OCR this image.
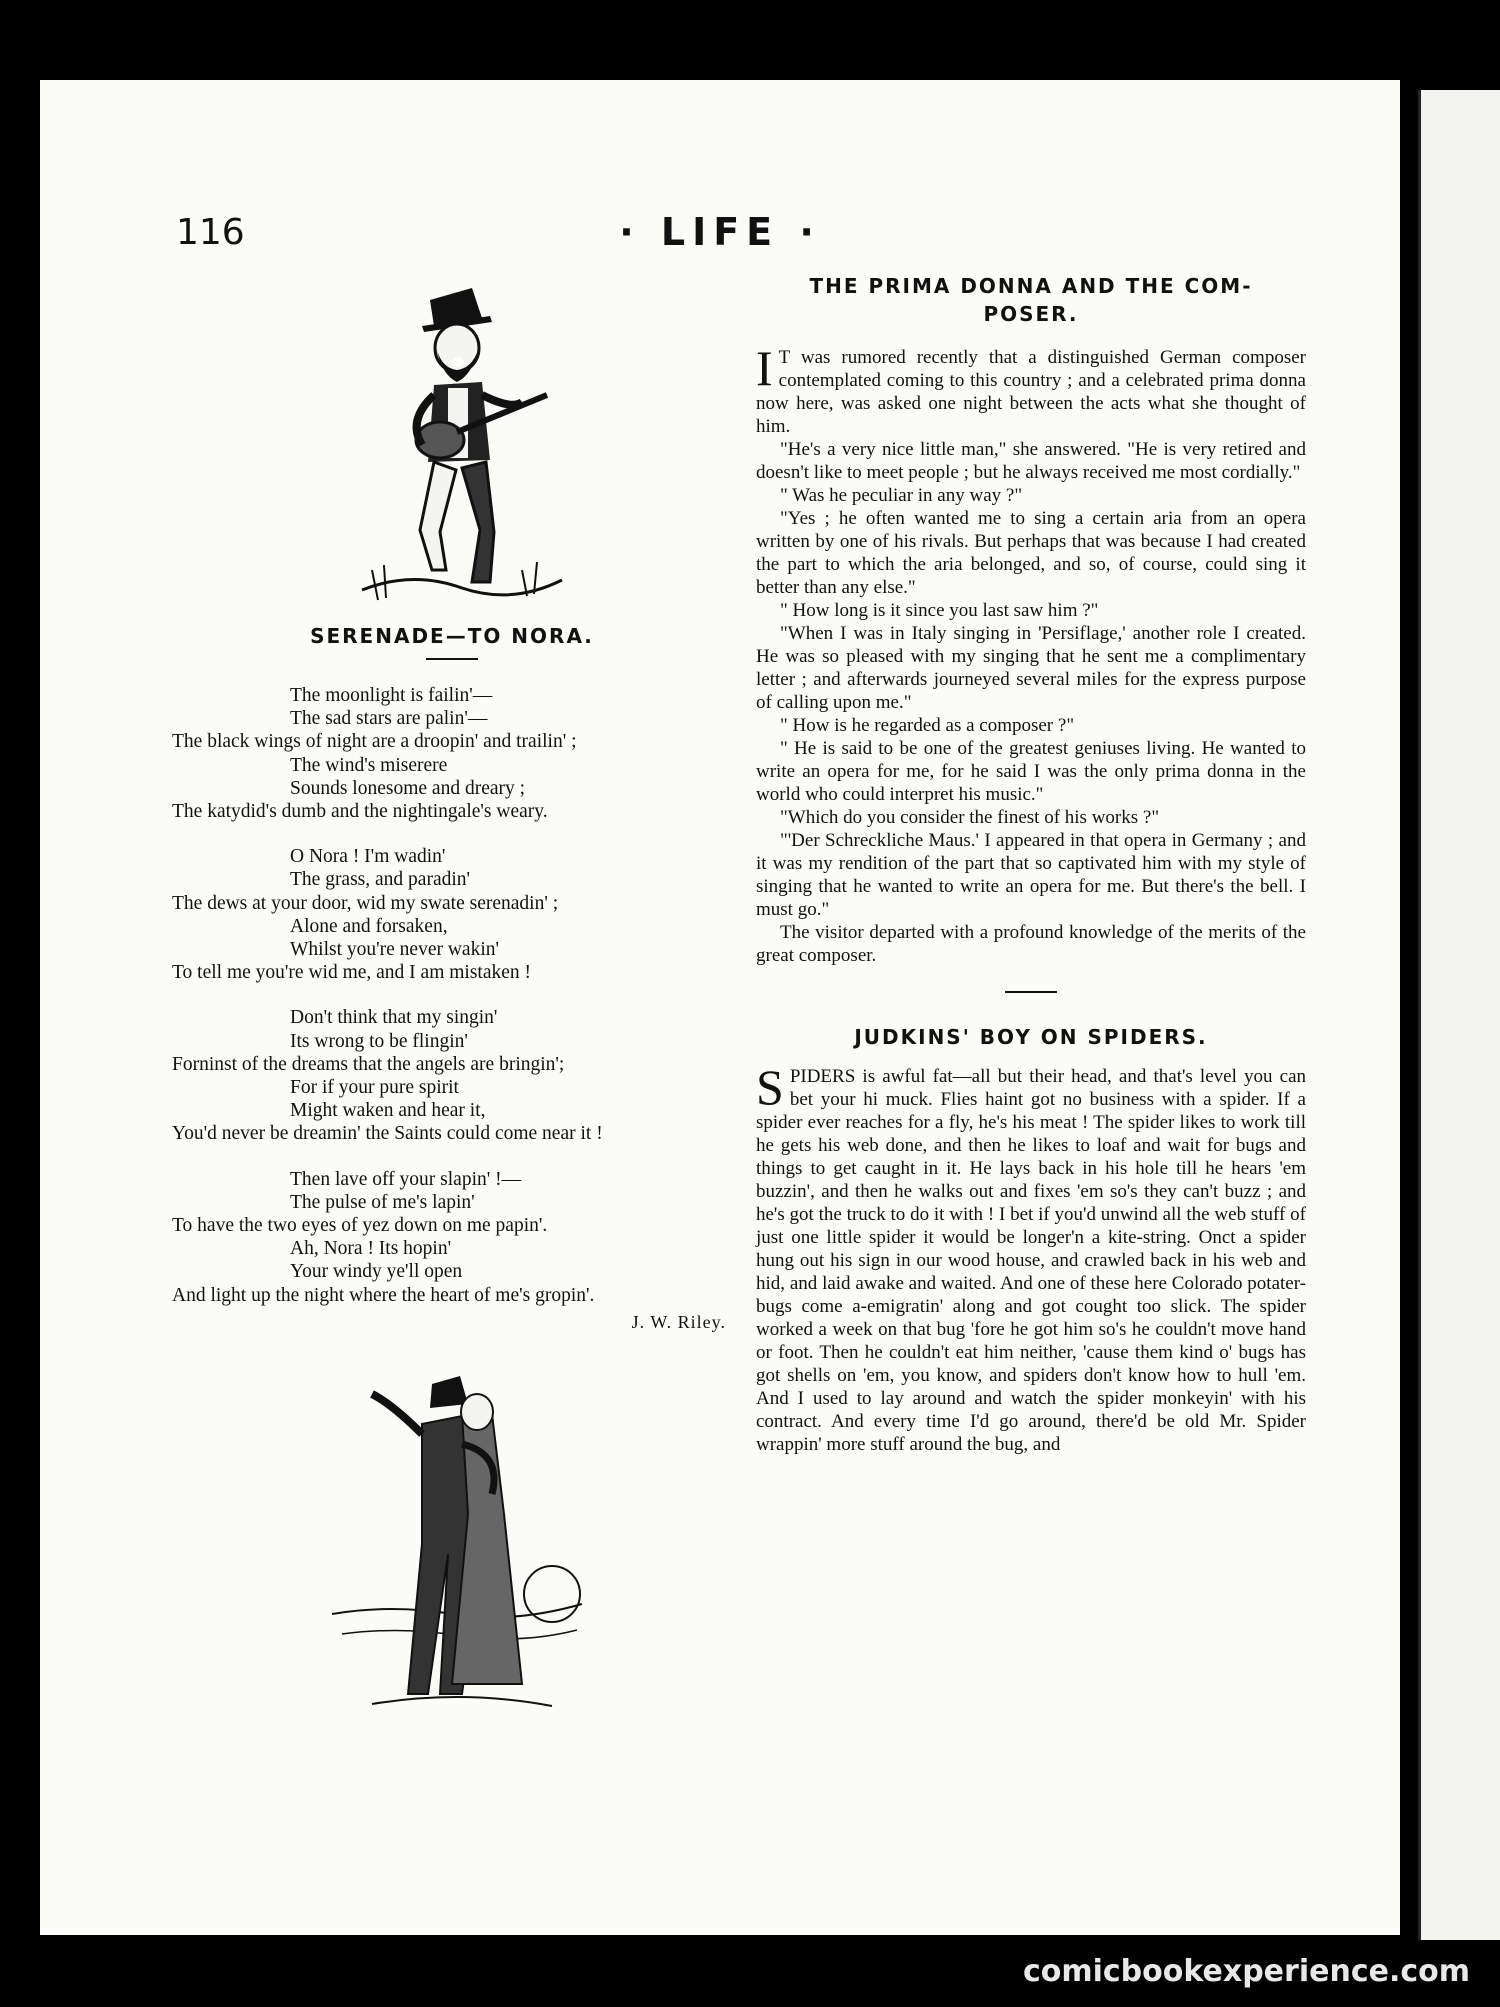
116	· LIFE ·
SERENADE—TO NORA.
The moonlight is failin'—
The sad stars are palin'—
The black wings of night are a droopin' and trailin' ;
The wind's miserere
Sounds lonesome and dreary ;
The katydid's dumb and the nightingale's weary.
O Nora ! I'm wadin'
The grass, and paradin'
The dews at your door, wid my swate serenadin' ;
Alone and forsaken,
Whilst you're never wakin'
To tell me you're wid me, and I am mistaken !
Don't think that my singin'
Its wrong to be flingin'
Forninst of the dreams that the angels are bringin';
For if your pure spirit
Might waken and hear it,
You'd never be dreamin' the Saints could come near it !
Then lave off your slapin' !—
The pulse of me's lapin'
To have the two eyes of yez down on me papin'.
Ah, Nora ! Its hopin'
Your windy ye'll open
And light up the night where the heart of me's gropin'.
J. W. Riley.
THE PRIMA DONNA AND THE COM-
POSER.

I T was rumored recently that a distinguished German composer contemplated coming to this country ; and a celebrated prima donna now here, was asked one night between the acts what she thought of him.

"He's a very nice little man," she answered. "He is very retired and doesn't like to meet people ; but he always received me most cordially."

" Was he peculiar in any way ?"

"Yes ; he often wanted me to sing a certain aria from an opera written by one of his rivals. But perhaps that was because I had created the part to which the aria belonged, and so, of course, could sing it better than any else."

" How long is it since you last saw him ?"

"When I was in Italy singing in 'Persiflage,' another role I created. He was so pleased with my singing that he sent me a complimentary letter ; and afterwards journeyed several miles for the express purpose of calling upon me."

" How is he regarded as a composer ?"

" He is said to be one of the greatest geniuses living. He wanted to write an opera for me, for he said I was the only prima donna in the world who could interpret his music."

"Which do you consider the finest of his works ?"

"'Der Schreckliche Maus.' I appeared in that opera in Germany ; and it was my rendition of the part that so captivated him with my style of singing that he wanted to write an opera for me. But there's the bell. I must go."

The visitor departed with a profound knowledge of the merits of the great composer.

JUDKINS' BOY ON SPIDERS.

SPIDERS is awful fat—all but their head, and that's level you can bet your hi muck. Flies haint got no business with a spider. If a spider ever reaches for a fly, he's his meat ! The spider likes to work till he gets his web done, and then he likes to loaf and wait for bugs and things to get caught in it. He lays back in his hole till he hears 'em buzzin', and then he walks out and fixes 'em so's they can't buzz ; and he's got the truck to do it with ! I bet if you'd unwind all the web stuff of just one little spider it would be longer'n a kite-string. Onct a spider hung out his sign in our wood house, and crawled back in his web and hid, and laid awake and waited. And one of these here Colorado potater-bugs come a-emigratin' along and got cought too slick. The spider worked a week on that bug 'fore he got him so's he couldn't move hand or foot. Then he couldn't eat him neither, 'cause them kind o' bugs has got shells on 'em, you know, and spiders don't know how to hull 'em. And I used to lay around and watch the spider monkeyin' with his contract. And every time I'd go around, there'd be old Mr. Spider wrappin' more stuff around the bug, and

comicbookexperience.com
